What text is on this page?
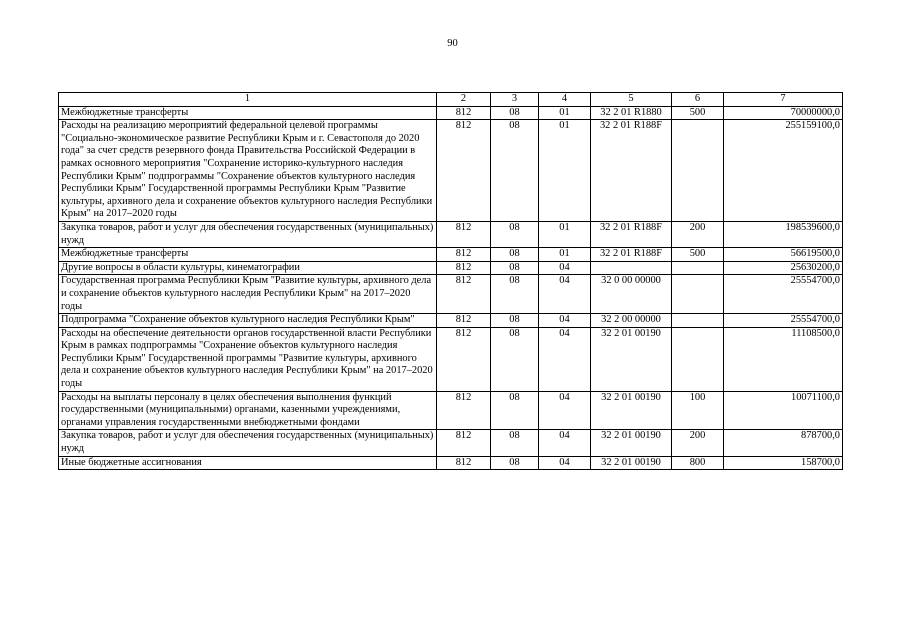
90
1	2	3	4	5	6	7
Межбюджетные трансферты	812	08	01	32 2 01 R1880	500	70000000,0
Расходы на реализацию мероприятий федеральной целевой программы "Социально-экономическое развитие Республики Крым и г. Севастополя до 2020 года" за счет средств резервного фонда Правительства Российской Федерации в рамках основного мероприятия "Сохранение историко-культурного наследия Республики Крым" подпрограммы "Сохранение объектов культурного наследия Республики Крым" Государственной программы Республики Крым "Развитие культуры, архивного дела и сохранение объектов культурного наследия Республики Крым" на 2017–2020 годы	812	08	01	32 2 01 R188F		255159100,0
Закупка товаров, работ и услуг для обеспечения государственных (муниципальных) нужд	812	08	01	32 2 01 R188F	200	198539600,0
Межбюджетные трансферты	812	08	01	32 2 01 R188F	500	56619500,0
Другие вопросы в области культуры, кинематографии	812	08	04			25630200,0
Государственная программа Республики Крым "Развитие культуры, архивного дела и сохранение объектов культурного наследия Республики Крым" на 2017–2020 годы	812	08	04	32 0 00 00000		25554700,0
Подпрограмма "Сохранение объектов культурного наследия Республики Крым"	812	08	04	32 2 00 00000		25554700,0
Расходы на обеспечение деятельности органов государственной власти Республики Крым в рамках подпрограммы "Сохранение объектов культурного наследия Республики Крым" Государственной программы "Развитие культуры, архивного дела и сохранение объектов культурного наследия Республики Крым" на 2017–2020 годы	812	08	04	32 2 01 00190		11108500,0
Расходы на выплаты персоналу в целях обеспечения выполнения функций государственными (муниципальными) органами, казенными учреждениями, органами управления государственными внебюджетными фондами	812	08	04	32 2 01 00190	100	10071100,0
Закупка товаров, работ и услуг для обеспечения государственных (муниципальных) нужд	812	08	04	32 2 01 00190	200	878700,0
Иные бюджетные ассигнования	812	08	04	32 2 01 00190	800	158700,0
